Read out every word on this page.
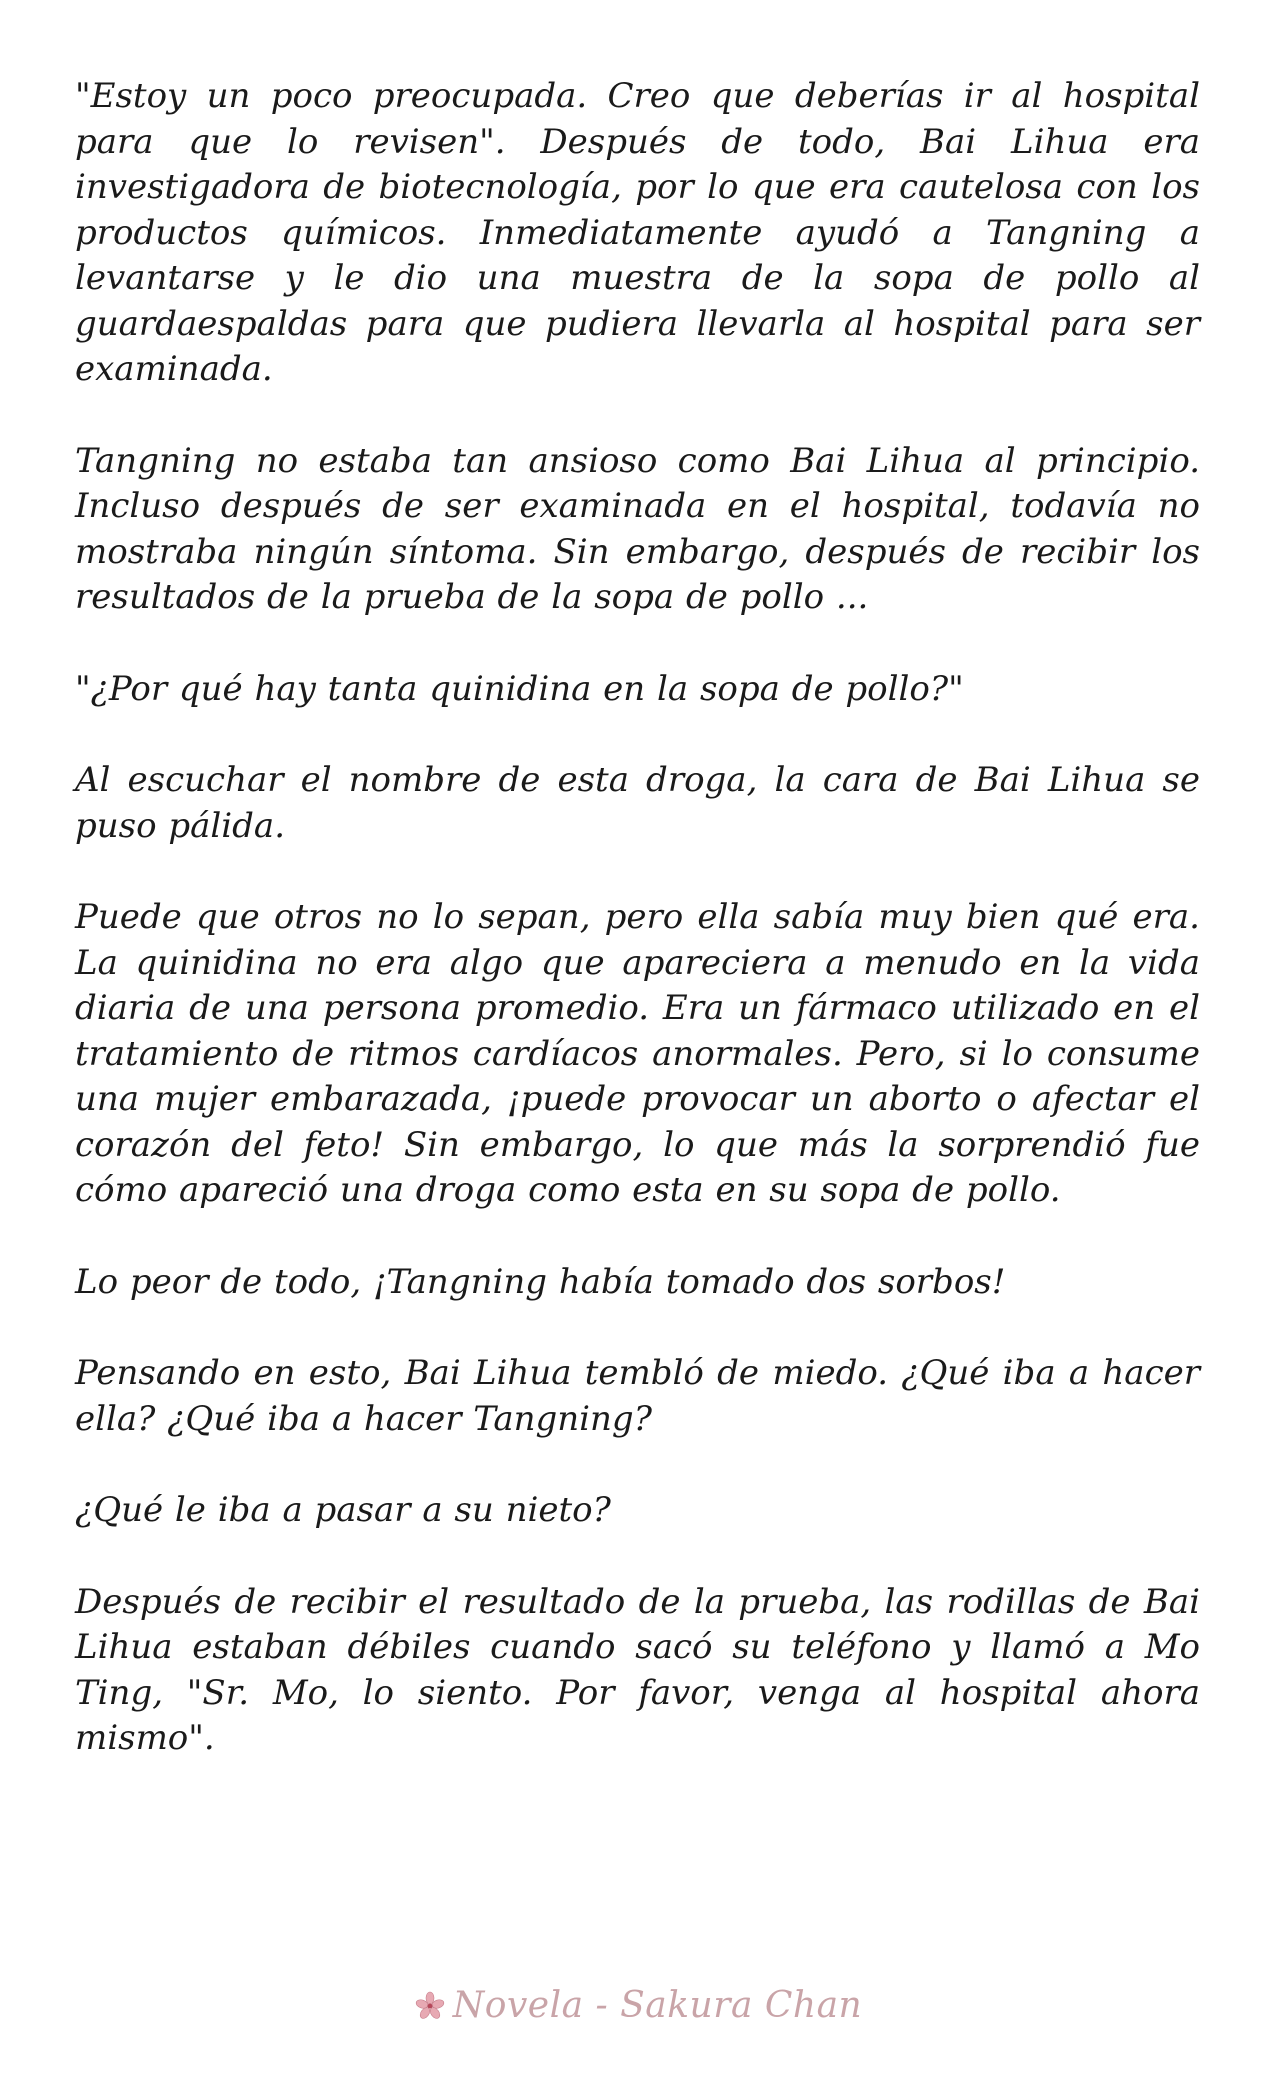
"Estoy un poco preocupada. Creo que deberías ir al hospital para que lo revisen". Después de todo, Bai Lihua era investigadora de biotecnología, por lo que era cautelosa con los productos químicos. Inmediatamente ayudó a Tangning a levantarse y le dio una muestra de la sopa de pollo al guardaespaldas para que pudiera llevarla al hospital para ser examinada.

Tangning no estaba tan ansioso como Bai Lihua al principio. Incluso después de ser examinada en el hospital, todavía no mostraba ningún síntoma. Sin embargo, después de recibir los resultados de la prueba de la sopa de pollo ...

"¿Por qué hay tanta quinidina en la sopa de pollo?"

Al escuchar el nombre de esta droga, la cara de Bai Lihua se puso pálida.

Puede que otros no lo sepan, pero ella sabía muy bien qué era. La quinidina no era algo que apareciera a menudo en la vida diaria de una persona promedio. Era un fármaco utilizado en el tratamiento de ritmos cardíacos anormales. Pero, si lo consume una mujer embarazada, ¡puede provocar un aborto o afectar el corazón del feto! Sin embargo, lo que más la sorprendió fue cómo apareció una droga como esta en su sopa de pollo.

Lo peor de todo, ¡Tangning había tomado dos sorbos!

Pensando en esto, Bai Lihua tembló de miedo. ¿Qué iba a hacer ella? ¿Qué iba a hacer Tangning?

¿Qué le iba a pasar a su nieto?

Después de recibir el resultado de la prueba, las rodillas de Bai Lihua estaban débiles cuando sacó su teléfono y llamó a Mo Ting, "Sr. Mo, lo siento. Por favor, venga al hospital ahora mismo".

Novela - Sakura Chan
